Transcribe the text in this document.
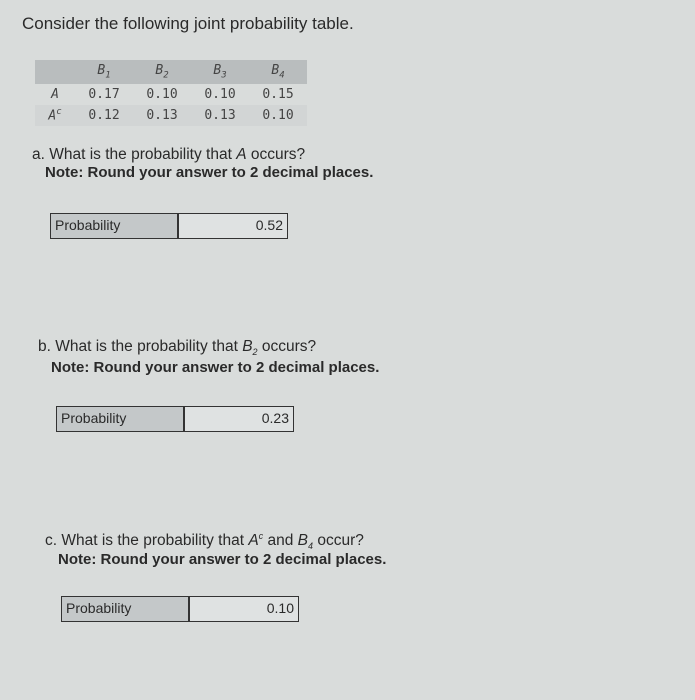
Consider the following joint probability table.
	$B_1$	$B_2$	$B_3$	$B_4$
A	0.17	0.10	0.10	0.15
$A^c$	0.12	0.13	0.13	0.10
a. What is the probability that A occurs?
Note: Round your answer to 2 decimal places.
Probability	0.52
b. What is the probability that $B_2$ occurs?
Note: Round your answer to 2 decimal places.
Probability	0.23
c. What is the probability that $A^c$ and $B_4$ occur?
Note: Round your answer to 2 decimal places.
Probability	0.10
